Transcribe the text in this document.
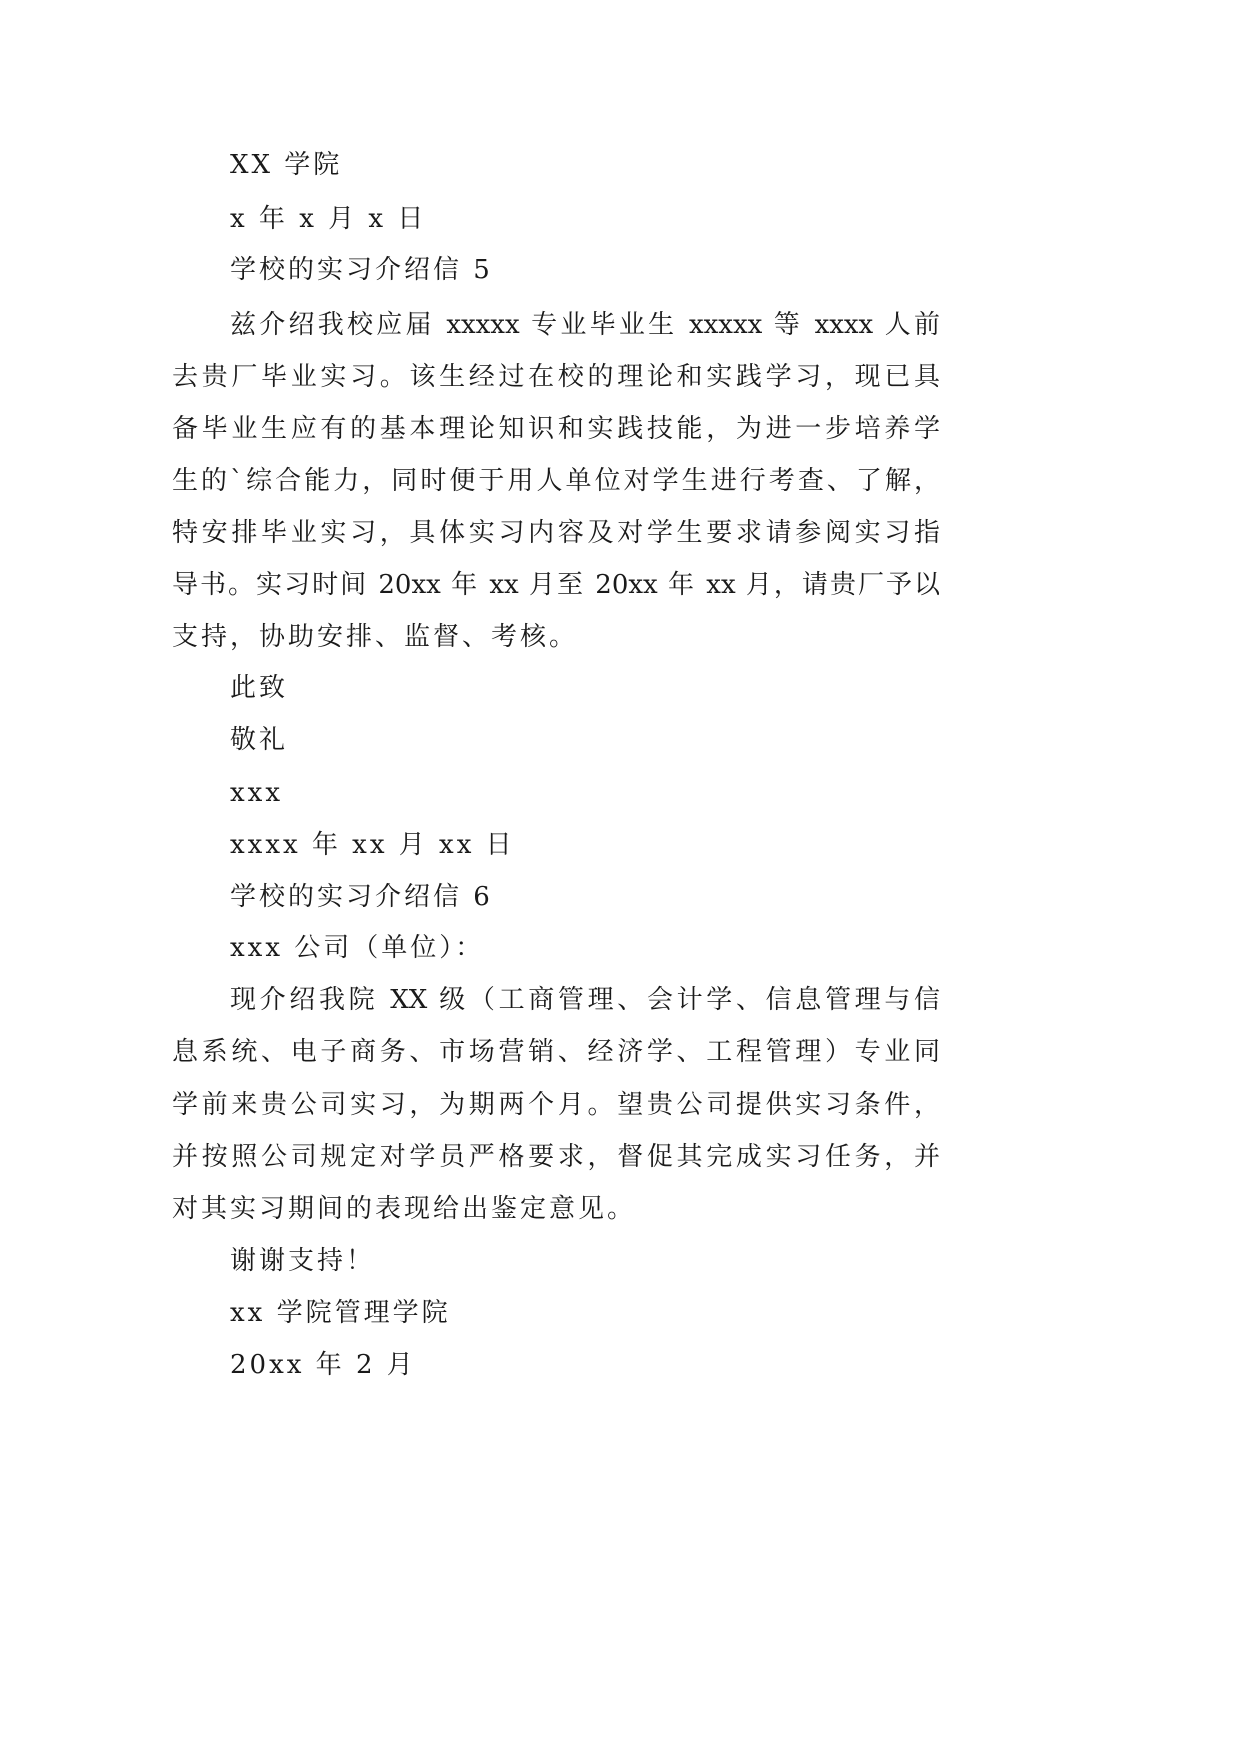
XX 学院
x 年 x 月 x 日
学校的实习介绍信 5
兹介绍我校应届 xxxxx 专业毕业生 xxxxx 等 xxxx 人前
去贵厂毕业实习。该生经过在校的理论和实践学习，现已具
备毕业生应有的基本理论知识和实践技能，为进一步培养学
生的`综合能力，同时便于用人单位对学生进行考查、了解，
特安排毕业实习，具体实习内容及对学生要求请参阅实习指
导书。实习时间 20xx 年 xx 月至 20xx 年 xx 月，请贵厂予以
支持，协助安排、监督、考核。
此致
敬礼
xxx
xxxx 年 xx 月 xx 日
学校的实习介绍信 6
xxx 公司（单位）：
现介绍我院 XX 级（工商管理、会计学、信息管理与信
息系统、电子商务、市场营销、经济学、工程管理）专业同
学前来贵公司实习，为期两个月。望贵公司提供实习条件，
并按照公司规定对学员严格要求，督促其完成实习任务，并
对其实习期间的表现给出鉴定意见。
谢谢支持！
xx 学院管理学院
20xx 年 2 月
